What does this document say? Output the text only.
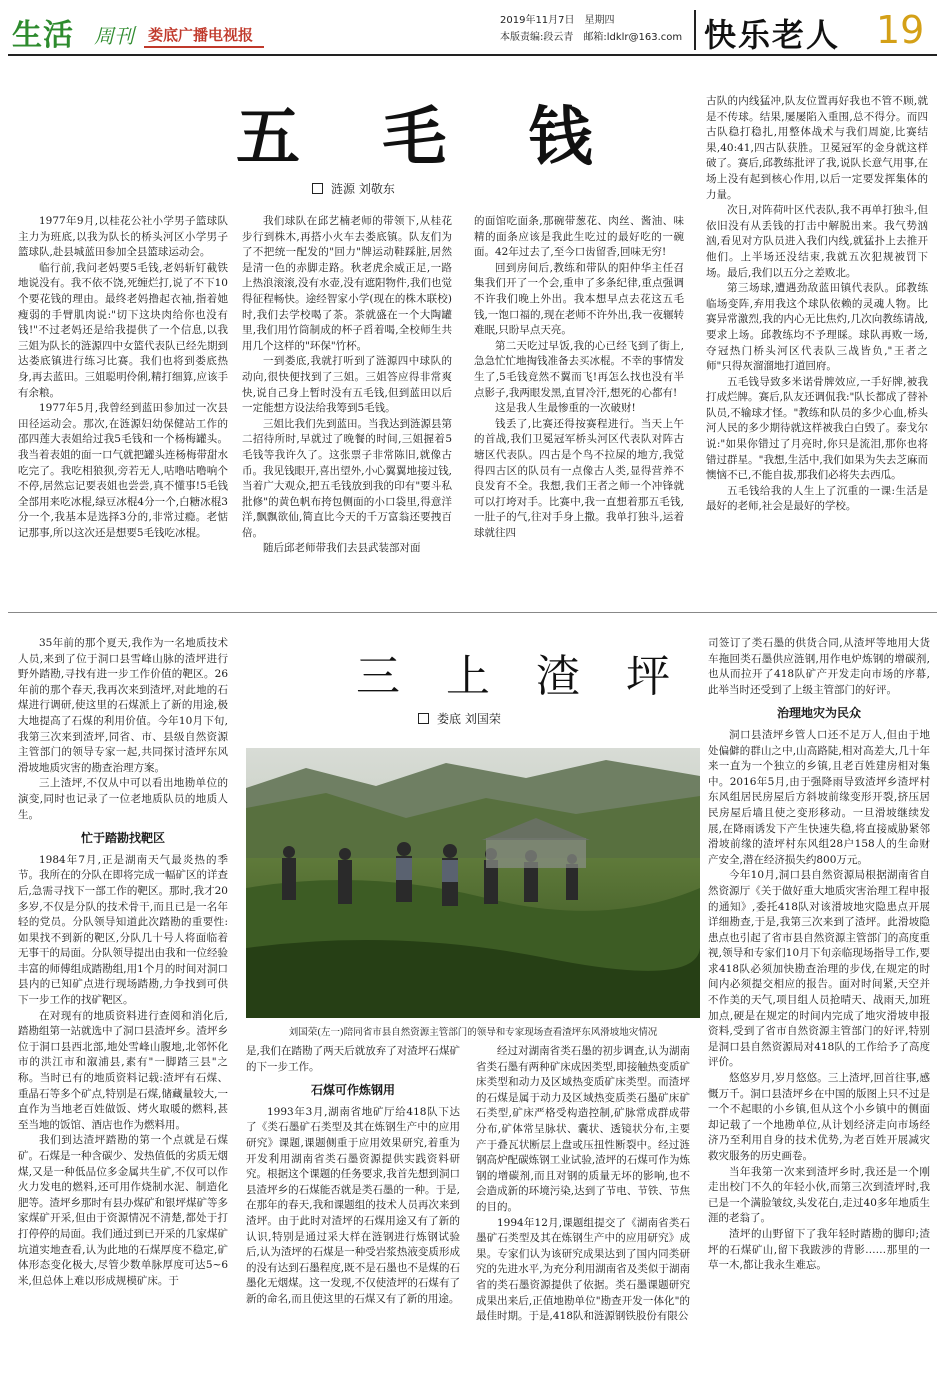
生活 周刊 娄底广播电视报
2019年11月7日　星期四
本版责编:段云青　邮箱:ldklr@163.com 快乐老人 19
五 毛 钱
涟源 刘敬东

1977年9月,以桂花公社小学男子篮球队主力为班底,以我为队长的桥头河区小学男子篮球队,赴县城蓝田参加全县篮球运动会。

临行前,我问老妈要5毛钱,老妈斩钉截铁地说没有。我不依不饶,死缠烂打,说了不下10个要花钱的理由。最终老妈撸起衣袖,指着她瘦弱的手臂肌肉说:"切下这块肉给你也没有钱!"不过老妈还是给我提供了一个信息,以我三姐为队长的涟源四中女篮代表队已经先期到达娄底镇进行练习比赛。我们也将到娄底热身,再去蓝田。三姐聪明伶俐,精打细算,应该手有余粮。

1977年5月,我曾经到蓝田参加过一次县田径运动会。那次,在涟源妇幼保健站工作的邵四莲大表姐给过我5毛钱和一个杨梅罐头。我当着表姐的面一口气就把罐头连杨梅带甜水吃完了。我吃相狼狈,旁若无人,咕噜咕噜响个不停,居然忘记要表姐也尝尝,真不懂事!5毛钱全部用来吃冰棍,绿豆冰棍4分一个,白糖冰棍3分一个,我基本是选择3分的,非常过瘾。老惦记那事,所以这次还是想要5毛钱吃冰棍。

我们球队在邱艺楠老师的带领下,从桂花步行到株木,再搭小火车去娄底镇。队友们为了不把统一配发的"回力"牌运动鞋踩脏,居然是清一色的赤脚走路。秋老虎余威正足,一路上热浪滚滚,没有水壶,没有遮阳物件,我们也觉得征程畅快。途经智家小学(现在的株木联校)时,我们去学校喝了茶。茶就盛在一个大陶罐里,我们用竹筒制成的杯子舀着喝,全校师生共用几个这样的"环保"竹杯。

一到娄底,我就打听到了涟源四中球队的动向,很快便找到了三姐。三姐答应得非常爽快,说自己身上暂时没有五毛钱,但到蓝田以后一定能想方设法给我筹到5毛钱。

三姐比我们先到蓝田。当我达到涟源县第二招待所时,早就过了晚餐的时间,三姐握着5毛钱等我许久了。这张票子非常陈旧,就像古币。我见钱眼开,喜出望外,小心翼翼地接过钱,当着广大观众,把五毛钱放到我的印有"要斗私批修"的黄色帆布挎包侧面的小口袋里,得意洋洋,飘飘欲仙,简直比今天的千万富翁还要拽百倍。

随后邱老师带我们去县武装部对面

的面馆吃面条,那碗带葱花、肉丝、酱油、味精的面条应该是我此生吃过的最好吃的一碗面。42年过去了,至今口齿留香,回味无穷!

回到房间后,教练和带队的阳仲华主任召集我们开了一个会,重申了多条纪律,重点强调不许我们晚上外出。我本想早点去花这五毛钱,一饱口福的,现在老师不许外出,我一夜辗转难眠,只盼早点天亮。

第二天吃过早饭,我的心已经飞到了街上,急急忙忙地掏钱准备去买冰棍。不幸的事情发生了,5毛钱竟然不翼而飞!再怎么找也没有半点影子,我两眼发黑,直冒冷汗,想死的心都有!

这是我人生最惨重的一次破财!

钱丢了,比赛还得按赛程进行。当天上午的首战,我们卫冕冠军桥头河区代表队对阵古塘区代表队。四古是个鸟不拉屎的地方,我觉得四古区的队员有一点像古人类,显得营养不良发育不全。我想,我们王者之师一个冲锋就可以打垮对手。比赛中,我一直想着那五毛钱,一肚子的气,往对手身上撒。我单打独斗,运着球就往四

古队的内线猛冲,队友位置再好我也不管不顾,就是不传球。结果,屡屡陷入重围,总不得分。而四古队稳打稳扎,用整体战术与我们周旋,比赛结果,40:41,四古队获胜。卫冕冠军的金身就这样破了。赛后,邱教练批评了我,说队长意气用事,在场上没有起到核心作用,以后一定要发挥集体的力量。

次日,对阵荷叶区代表队,我不再单打独斗,但依旧没有从丢钱的打击中解脱出来。我气势汹汹,看见对方队员进入我们内线,就猛扑上去推开他们。上半场还没结束,我就五次犯规被罚下场。最后,我们以五分之差败北。

第三场球,遭遇劲敌蓝田镇代表队。邱教练临场变阵,弃用我这个球队依赖的灵魂人物。比赛异常激烈,我的内心无比焦灼,几次向教练请战,要求上场。邱教练均不予理睬。球队再败一场,夺冠热门桥头河区代表队三战皆负,"王者之师"只得灰溜溜地打道回府。

五毛钱导致多米诺骨牌效应,一手好牌,被我打成烂牌。赛后,队友还调侃我:"队长都成了替补队员,不输球才怪。"教练和队员的多少心血,桥头河人民的多少期待就这样被我白白毁了。泰戈尔说:"如果你错过了月亮时,你只是流泪,那你也将错过群星。"我想,生活中,我们如果为失去芝麻而懊恼不已,不能自拔,那我们必将失去西瓜。

五毛钱给我的人生上了沉重的一课:生活是最好的老师,社会是最好的学校。

三 上 渣 坪
娄底 刘国荣

35年前的那个夏天,我作为一名地质技术人员,来到了位于洞口县雪峰山脉的渣坪进行野外踏勘,寻找有进一步工作价值的靶区。26年前的那个春天,我再次来到渣坪,对此地的石煤进行调研,使这里的石煤派上了新的用途,极大地提高了石煤的利用价值。今年10月下旬,我第三次来到渣坪,同省、市、县级自然资源主管部门的领导专家一起,共同探讨渣坪东风滑坡地质灾害的勘查治理方案。

三上渣坪,不仅从中可以看出地勘单位的演变,同时也记录了一位老地质队员的地质人生。

忙于踏勘找靶区

1984年7月,正是湖南天气最炎热的季节。我所在的分队在即将完成一幅矿区的详查后,急需寻找下一部工作的靶区。那时,我才20多岁,不仅是分队的技术骨干,而且已是一名年轻的党员。分队领导知道此次踏勘的重要性:如果找不到新的靶区,分队几十号人将面临着无事干的局面。分队领导提出由我和一位经验丰富的师傅组成踏勘组,用1个月的时间对洞口县内的已知矿点进行现场踏勘,力争找到可供下一步工作的找矿靶区。

在对现有的地质资料进行查阅和消化后,踏勘组第一站就选中了洞口县渣坪乡。渣坪乡位于洞口县西北部,地处雪峰山腹地,北邻怀化市的洪江市和溆浦县,素有"一脚踏三县"之称。当时已有的地质资料记载:渣坪有石煤、重晶石等多个矿点,特别是石煤,储藏量较大,一直作为当地老百姓做饭、烤火取暖的燃料,甚至当地的饭馆、酒店也作为燃料用。

我们到达渣坪踏勘的第一个点就是石煤矿。石煤是一种含碳少、发热值低的劣质无烟煤,又是一种低品位多金属共生矿,不仅可以作火力发电的燃料,还可用作烧制水泥、制造化肥等。渣坪乡那时有县办煤矿和银坪煤矿等多家煤矿开采,但由于资源情况不清楚,都处于打打停停的局面。我们通过到已开采的几家煤矿坑道实地查看,认为此地的石煤厚度不稳定,矿体形态变化极大,尽管少数单脉厚度可达5~6米,但总体上难以形成规模矿床。于

刘国荣(左一)陪同省市县自然资源主管部门的领导和专家现场查看渣坪东风滑坡地灾情况

是,我们在踏勘了两天后就放弃了对渣坪石煤矿的下一步工作。

石煤可作炼钢用

1993年3月,湖南省地矿厅给418队下达了《类石墨矿石类型及其在炼钢生产中的应用研究》课题,课题侧重于应用效果研究,着重为开发利用湖南省类石墨资源提供实践资料研究。根据这个课题的任务要求,我首先想到洞口县渣坪乡的石煤能否就是类石墨的一种。于是,在那年的春天,我和课题组的技术人员再次来到渣坪。由于此时对渣坪的石煤用途又有了新的认识,特别是通过采大样在涟钢进行炼钢试验后,认为渣坪的石煤是一种受岩浆热液变质形成的没有达到石墨程度,既不是石墨也不是煤的石墨化无烟煤。这一发现,不仅使渣坪的石煤有了新的命名,而且使这里的石煤又有了新的用途。

经过对湖南省类石墨的初步调查,认为湖南省类石墨有两种矿床成因类型,即接触热变质矿床类型和动力及区域热变质矿床类型。而渣坪的石煤是属于动力及区域热变质类石墨矿床矿石类型,矿床严格受构造控制,矿脉常成群成带分布,矿体常呈脉状、囊状、透镜状分布,主要产于叠瓦状断层上盘或压扭性断裂中。经过涟钢高炉配碳炼钢工业试验,渣坪的石煤可作为炼钢的增碳剂,而且对钢的质量无坏的影响,也不会造成新的环境污染,达到了节电、节铁、节焦的目的。

1994年12月,课题组提交了《湖南省类石墨矿石类型及其在炼钢生产中的应用研究》成果。专家们认为该研究成果达到了国内同类研究的先进水平,为充分利用湖南省及类似于湖南省的类石墨资源提供了依据。类石墨课题研究成果出来后,正值地勘单位"勘查开发一体化"的最佳时期。于是,418队和涟源钢铁股份有限公

司签订了类石墨的供货合同,从渣坪等地用大货车拖回类石墨供应涟钢,用作电炉炼钢的增碳剂,也从而拉开了418队矿产开发走向市场的序幕,此举当时还受到了上级主管部门的好评。

治理地灾为民众

洞口县渣坪乡管人口还不足万人,但由于地处偏僻的群山之中,山高路陡,相对高差大,几十年来一直为一个独立的乡镇,且老百姓建房相对集中。2016年5月,由于强降雨导致渣坪乡渣坪村东风组居民房屋后方斜坡前缘变形开裂,挤压居民房屋后墙且使之变形移动。一旦滑坡继续发展,在降雨诱发下产生快速失稳,将直接威胁紧邻滑坡前缘的渣坪村东风组28户158人的生命财产安全,潜在经济损失约800万元。

今年10月,洞口县自然资源局根据湖南省自然资源厅《关于做好重大地质灾害治理工程申报的通知》,委托418队对该滑坡地灾隐患点开展详细勘查,于是,我第三次来到了渣坪。此滑坡隐患点也引起了省市县自然资源主管部门的高度重视,领导和专家们10月下旬亲临现场指导工作,要求418队必须加快勘查治理的步伐,在规定的时间内必须提交相应的报告。面对时间紧,天空并不作美的天气,项目组人员抢晴天、战雨天,加班加点,硬是在规定的时间内完成了地灾滑坡申报资料,受到了省市自然资源主管部门的好评,特别是洞口县自然资源局对418队的工作给予了高度评价。

悠悠岁月,岁月悠悠。三上渣坪,回首往事,感慨万千。洞口县渣坪乡在中国的版图上只不过是一个不起眼的小乡镇,但从这个小乡镇中的侧面却记载了一个地勘单位,从计划经济走向市场经济乃至利用自身的技术优势,为老百姓开展减灾救灾服务的历史画卷。

当年我第一次来到渣坪乡时,我还是一个刚走出校门不久的年轻小伙,而第三次到渣坪时,我已是一个满脸皱纹,头发花白,走过40多年地质生涯的老翁了。

渣坪的山野留下了我年轻时踏勘的脚印;渣坪的石煤矿山,留下我跋涉的背影……那里的一草一木,都让我永生难忘。
